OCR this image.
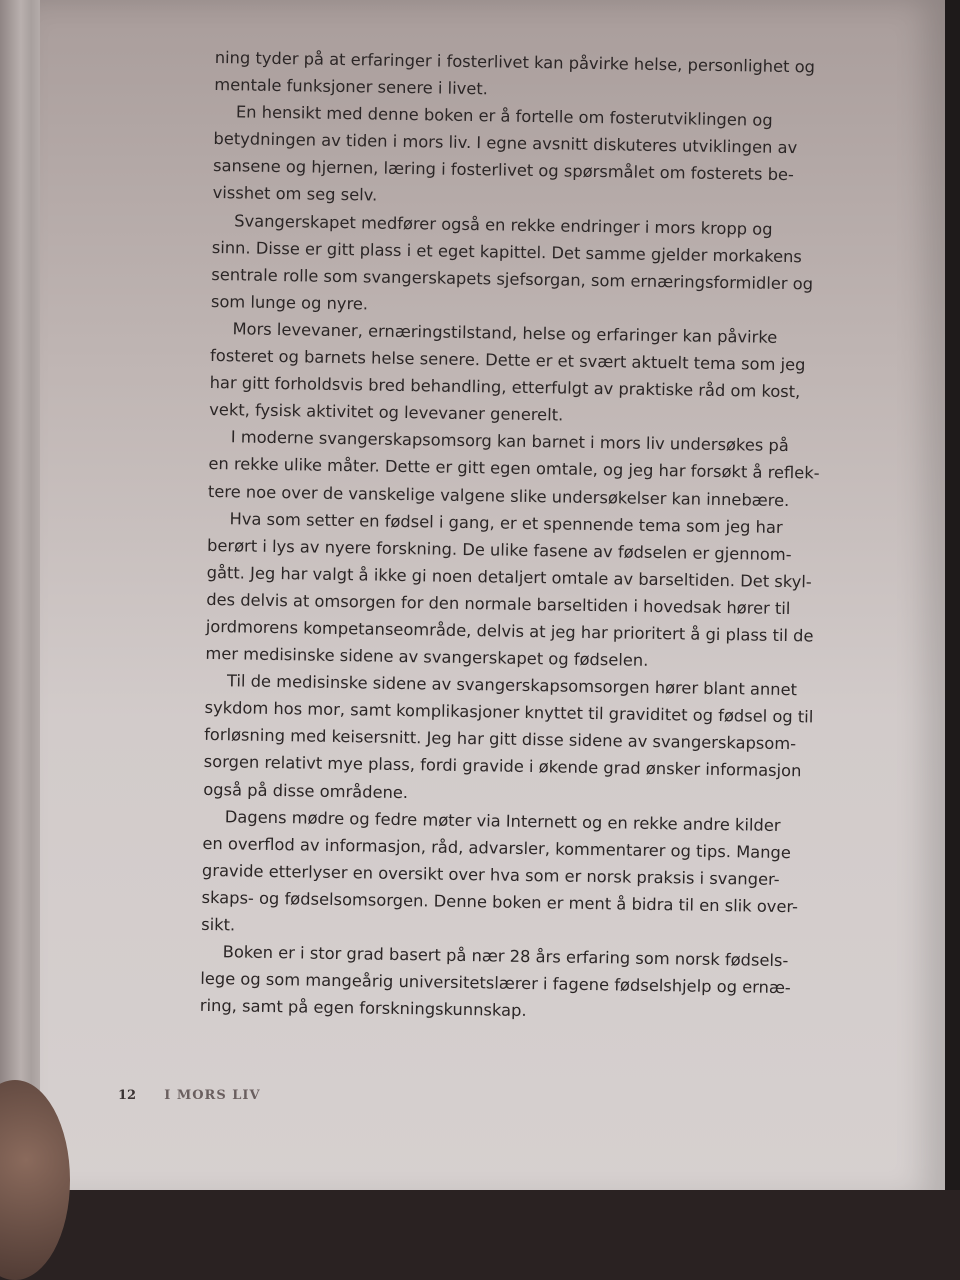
ning tyder på at erfaringer i fosterlivet kan påvirke helse, personlighet og
mentale funksjoner senere i livet.
En hensikt med denne boken er å fortelle om fosterutviklingen og
betydningen av tiden i mors liv. I egne avsnitt diskuteres utviklingen av
sansene og hjernen, læring i fosterlivet og spørsmålet om fosterets be-
visshet om seg selv.
Svangerskapet medfører også en rekke endringer i mors kropp og
sinn. Disse er gitt plass i et eget kapittel. Det samme gjelder morkakens
sentrale rolle som svangerskapets sjefsorgan, som ernæringsformidler og
som lunge og nyre.
Mors levevaner, ernæringstilstand, helse og erfaringer kan påvirke
fosteret og barnets helse senere. Dette er et svært aktuelt tema som jeg
har gitt forholdsvis bred behandling, etterfulgt av praktiske råd om kost,
vekt, fysisk aktivitet og levevaner generelt.
I moderne svangerskapsomsorg kan barnet i mors liv undersøkes på
en rekke ulike måter. Dette er gitt egen omtale, og jeg har forsøkt å reflek-
tere noe over de vanskelige valgene slike undersøkelser kan innebære.
Hva som setter en fødsel i gang, er et spennende tema som jeg har
berørt i lys av nyere forskning. De ulike fasene av fødselen er gjennom-
gått. Jeg har valgt å ikke gi noen detaljert omtale av barseltiden. Det skyl-
des delvis at omsorgen for den normale barseltiden i hovedsak hører til
jordmorens kompetanseområde, delvis at jeg har prioritert å gi plass til de
mer medisinske sidene av svangerskapet og fødselen.
Til de medisinske sidene av svangerskapsomsorgen hører blant annet
sykdom hos mor, samt komplikasjoner knyttet til graviditet og fødsel og til
forløsning med keisersnitt. Jeg har gitt disse sidene av svangerskapsom-
sorgen relativt mye plass, fordi gravide i økende grad ønsker informasjon
også på disse områdene.
Dagens mødre og fedre møter via Internett og en rekke andre kilder
en overflod av informasjon, råd, advarsler, kommentarer og tips. Mange
gravide etterlyser en oversikt over hva som er norsk praksis i svanger-
skaps- og fødselsomsorgen. Denne boken er ment å bidra til en slik over-
sikt.
Boken er i stor grad basert på nær 28 års erfaring som norsk fødsels-
lege og som mangeårig universitetslærer i fagene fødselshjelp og ernæ-
ring, samt på egen forskningskunnskap.
12 I MORS LIV
